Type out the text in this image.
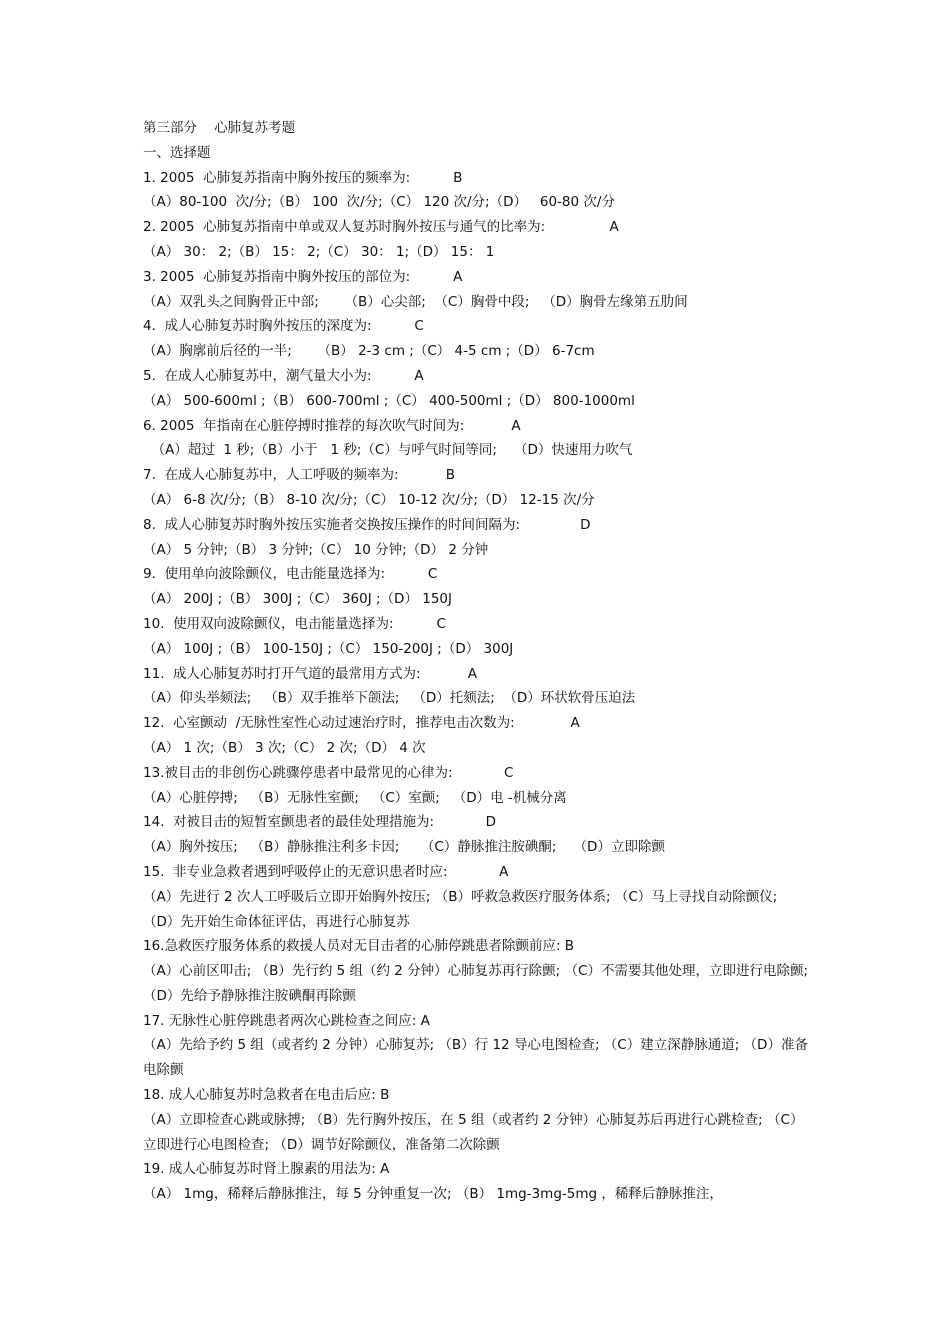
第三部分    心肺复苏考题
一、选择题
1. 2005  心肺复苏指南中胸外按压的频率为:          B
（A）80-100  次/分;（B） 100  次/分;（C） 120 次/分;（D）   60-80 次/分
2. 2005  心肺复苏指南中单或双人复苏时胸外按压与通气的比率为:               A
（A） 30： 2;（B） 15： 2;（C） 30： 1;（D） 15： 1
3. 2005  心肺复苏指南中胸外按压的部位为:          A
（A）双乳头之间胸骨正中部;      （B）心尖部;  （C）胸骨中段;   （D）胸骨左缘第五肋间
4.  成人心肺复苏时胸外按压的深度为:          C
（A）胸廓前后径的一半;      （B） 2-3 cm ;（C） 4-5 cm ;（D） 6-7cm
5.  在成人心肺复苏中，潮气量大小为:          A
（A） 500-600ml ;（B） 600-700ml ;（C） 400-500ml ;（D） 800-1000ml
6. 2005  年指南在心脏停搏时推荐的每次吹气时间为:           A
（A）超过  1 秒;（B）小于   1 秒;（C）与呼气时间等同;    （D）快速用力吹气
7.  在成人心肺复苏中，人工呼吸的频率为:           B
（A） 6-8 次/分;（B） 8-10 次/分;（C） 10-12 次/分;（D） 12-15 次/分
8.  成人心肺复苏时胸外按压实施者交换按压操作的时间间隔为:              D
（A） 5 分钟;（B） 3 分钟;（C） 10 分钟;（D） 2 分钟
9.  使用单向波除颤仪，电击能量选择为:          C
（A） 200J ;（B） 300J ;（C） 360J ;（D） 150J
10.  使用双向波除颤仪，电击能量选择为:          C
（A） 100J ;（B） 100-150J ;（C） 150-200J ;（D） 300J
11.  成人心肺复苏时打开气道的最常用方式为:           A
（A）仰头举颏法;   （B）双手推举下颌法;   （D）托颏法;  （D）环状软骨压迫法
12.  心室颤动  /无脉性室性心动过速治疗时，推荐电击次数为:             A
（A） 1 次;（B） 3 次;（C） 2 次;（D） 4 次
13.被目击的非创伤心跳骤停患者中最常见的心律为:            C
（A）心脏停搏;   （B）无脉性室颤;   （C）室颤;   （D）电 -机械分离
14.  对被目击的短暂室颤患者的最佳处理措施为:            D
（A）胸外按压;   （B）静脉推注利多卡因;     （C）静脉推注胺碘酮;    （D）立即除颤
15.  非专业急救者遇到呼吸停止的无意识患者时应:            A
（A）先进行 2 次人工呼吸后立即开始胸外按压; （B）呼救急救医疗服务体系; （C）马上寻找自动除颤仪; （D）先开始生命体征评估，再进行心肺复苏
16.急救医疗服务体系的救援人员对无目击者的心肺停跳患者除颤前应: B
（A）心前区叩击; （B）先行约 5 组（约 2 分钟）心肺复苏再行除颤; （C）不需要其他处理，立即进行电除颤; （D）先给予静脉推注胺碘酮再除颤
17. 无脉性心脏停跳患者两次心跳检查之间应: A
（A）先给予约 5 组（或者约 2 分钟）心肺复苏; （B）行 12 导心电图检查; （C）建立深静脉通道; （D）准备电除颤
18. 成人心肺复苏时急救者在电击后应: B
（A）立即检查心跳或脉搏; （B）先行胸外按压，在 5 组（或者约 2 分钟）心肺复苏后再进行心跳检查; （C）立即进行心电图检查; （D）调节好除颤仪，准备第二次除颤
19. 成人心肺复苏时肾上腺素的用法为: A
（A） 1mg，稀释后静脉推注，每 5 分钟重复一次; （B） 1mg-3mg-5mg ，稀释后静脉推注，
